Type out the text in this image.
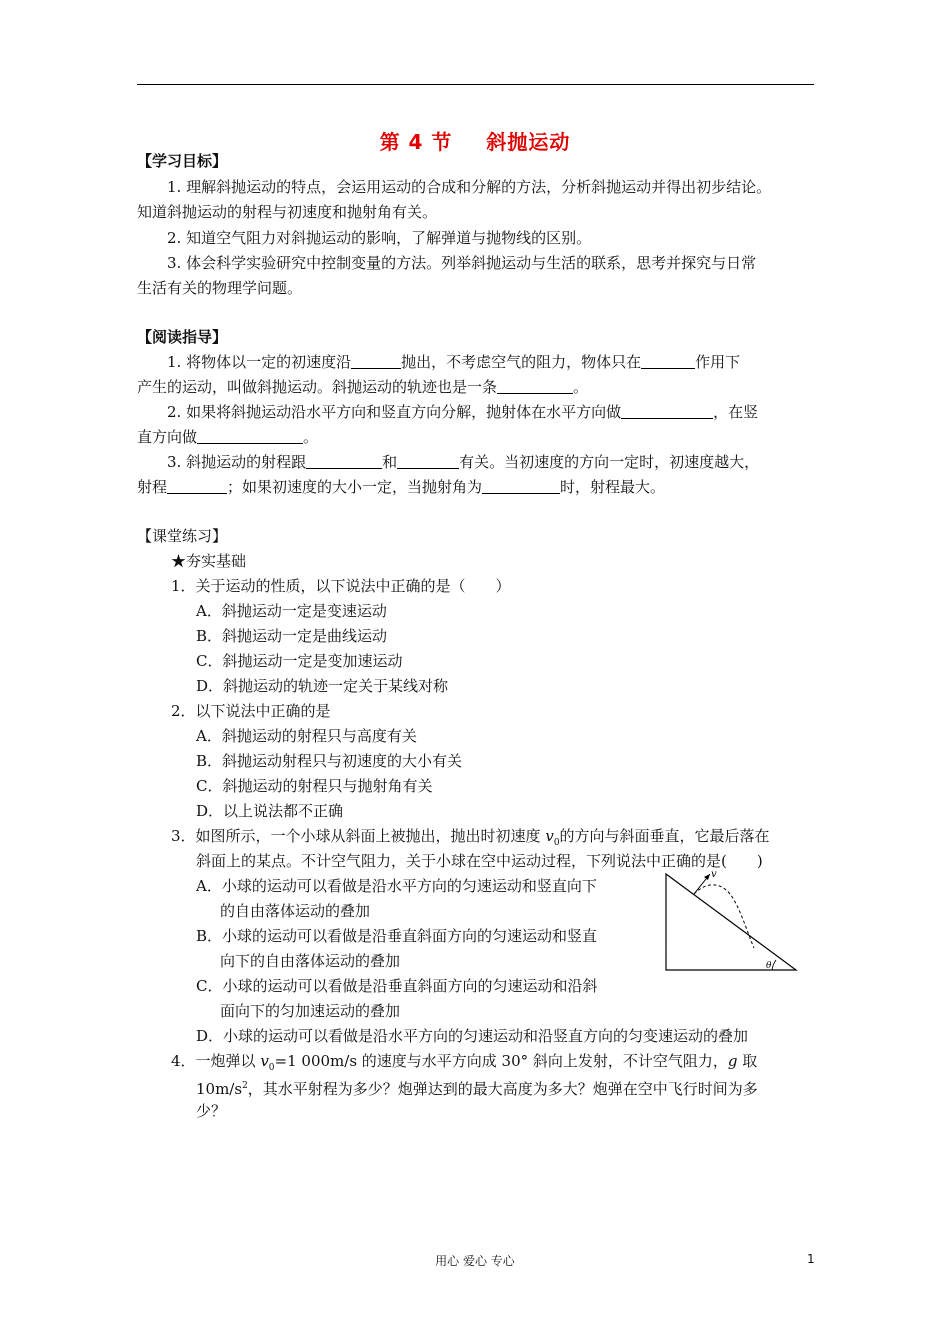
第 4 节 斜抛运动
【学习目标】
1. 理解斜抛运动的特点，会运用运动的合成和分解的方法，分析斜抛运动并得出初步结论。
知道斜抛运动的射程与初速度和抛射角有关。
2. 知道空气阻力对斜抛运动的影响，了解弹道与抛物线的区别。
3. 体会科学实验研究中控制变量的方法。列举斜抛运动与生活的联系，思考并探究与日常
生活有关的物理学问题。
【阅读指导】
1. 将物体以一定的初速度沿	抛出，不考虑空气的阻力，物体只在	作用下
产生的运动，叫做斜抛运动。斜抛运动的轨迹也是一条	。
2. 如果将斜抛运动沿水平方向和竖直方向分解，抛射体在水平方向做	，在竖
直方向做	。
3. 斜抛运动的射程跟	和	有关。当初速度的方向一定时，初速度越大，
射程	；如果初速度的大小一定，当抛射角为	时，射程最大。
【课堂练习】
★夯实基础
1．关于运动的性质，以下说法中正确的是（　　）
A．斜抛运动一定是变速运动
B．斜抛运动一定是曲线运动
C．斜抛运动一定是变加速运动
D．斜抛运动的轨迹一定关于某线对称
2．以下说法中正确的是
A．斜抛运动的射程只与高度有关
B．斜抛运动射程只与初速度的大小有关
C．斜抛运动的射程只与抛射角有关
D．以上说法都不正确
3．如图所示，一个小球从斜面上被抛出，抛出时初速度 $v_0$的方向与斜面垂直，它最后落在
斜面上的某点。不计空气阻力，关于小球在空中运动过程，下列说法中正确的是(　　)
A．小球的运动可以看做是沿水平方向的匀速运动和竖直向下
的自由落体运动的叠加
B．小球的运动可以看做是沿垂直斜面方向的匀速运动和竖直
向下的自由落体运动的叠加
C．小球的运动可以看做是沿垂直斜面方向的匀速运动和沿斜
面向下的匀加速运动的叠加
D．小球的运动可以看做是沿水平方向的匀速运动和沿竖直方向的匀变速运动的叠加
v
θ
4．一炮弹以 $v_0=1$ 000m/s 的速度与水平方向成 30° 斜向上发射，不计空气阻力，g 取
$10m/s^2$，其水平射程为多少？炮弹达到的最大高度为多大？炮弹在空中飞行时间为多
少？
用心 爱心 专心	1
